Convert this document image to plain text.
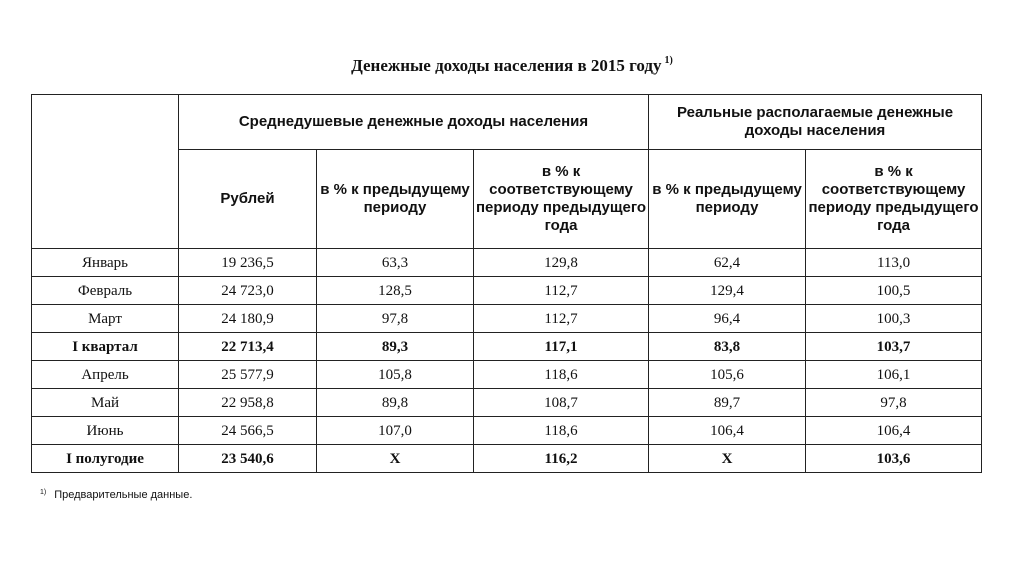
Денежные доходы населения в 2015 году $^{1)}$
	Среднедушевые денежные доходы населения			Реальные располагаемые денежные доходы населения	
	Рублей	в % к предыдущему периоду	в % к соответствующему периоду предыдущего года	в % к предыдущему периоду	в % к соответствующему периоду предыдущего года
Январь	19 236,5	63,3	129,8	62,4	113,0
Февраль	24 723,0	128,5	112,7	129,4	100,5
Март	24 180,9	97,8	112,7	96,4	100,3
I квартал	22 713,4	89,3	117,1	83,8	103,7
Апрель	25 577,9	105,8	118,6	105,6	106,1
Май	22 958,8	89,8	108,7	89,7	97,8
Июнь	24 566,5	107,0	118,6	106,4	106,4
I полугодие	23 540,6	X	116,2	X	103,6
$^{1)}$ Предварительные данные.
